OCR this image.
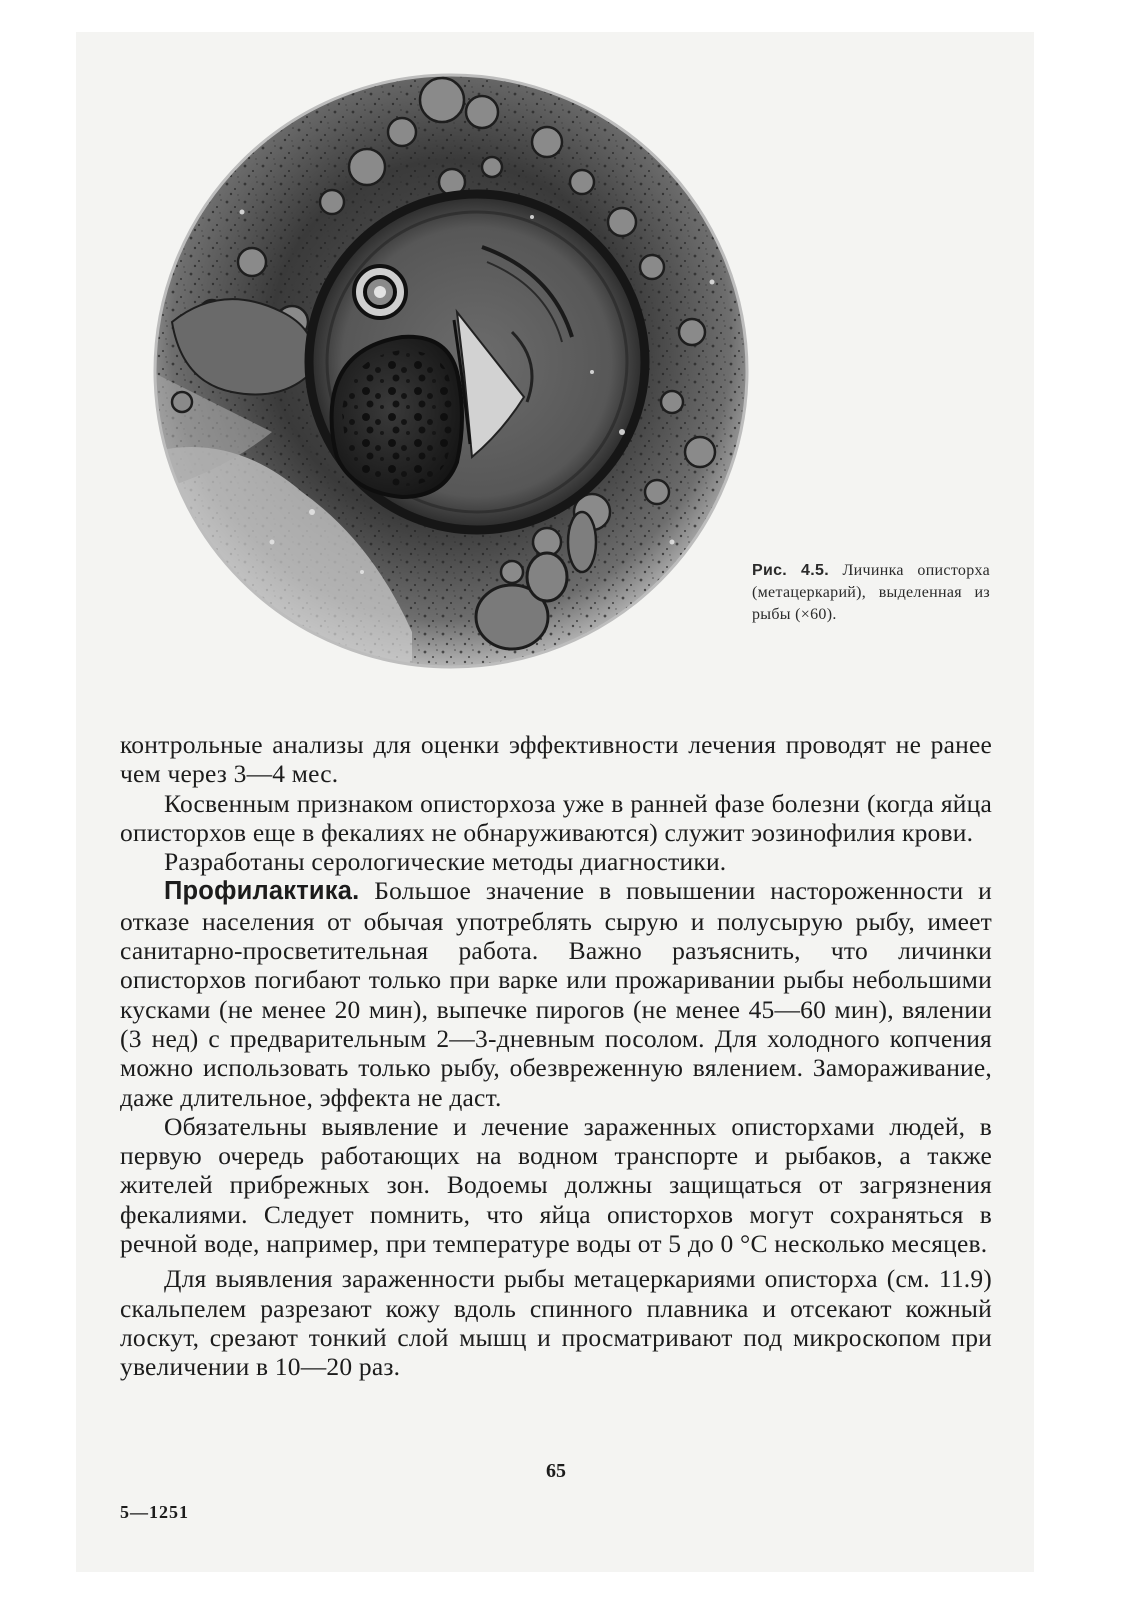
Рис. 4.5. Личинка описторха (метацеркарий), выделенная из рыбы (×60).

контрольные анализы для оценки эффективности лечения проводят не ранее чем через 3—4 мес.

Косвенным признаком описторхоза уже в ранней фазе болезни (когда яйца описторхов еще в фекалиях не обнаруживаются) служит эозинофилия крови.

Разработаны серологические методы диагностики.

Профилактика. Большое значение в повышении настороженности и отказе населения от обычая употреблять сырую и полусырую рыбу, имеет санитарно-просветительная работа. Важно разъяснить, что личинки описторхов погибают только при варке или прожаривании рыбы небольшими кусками (не менее 20 мин), выпечке пирогов (не менее 45—60 мин), вялении (3 нед) с предварительным 2—3-дневным посолом. Для холодного копчения можно использовать только рыбу, обезвреженную вялением. Замораживание, даже длительное, эффекта не даст.

Обязательны выявление и лечение зараженных описторхами людей, в первую очередь работающих на водном транспорте и рыбаков, а также жителей прибрежных зон. Водоемы должны защищаться от загрязнения фекалиями. Следует помнить, что яйца описторхов могут сохраняться в речной воде, например, при температуре воды от 5 до 0 °С несколько месяцев.

Для выявления зараженности рыбы метацеркариями описторха (см. 11.9) скальпелем разрезают кожу вдоль спинного плавника и отсекают кожный лоскут, срезают тонкий слой мышц и просматривают под микроскопом при увеличении в 10—20 раз.

65
5—1251
